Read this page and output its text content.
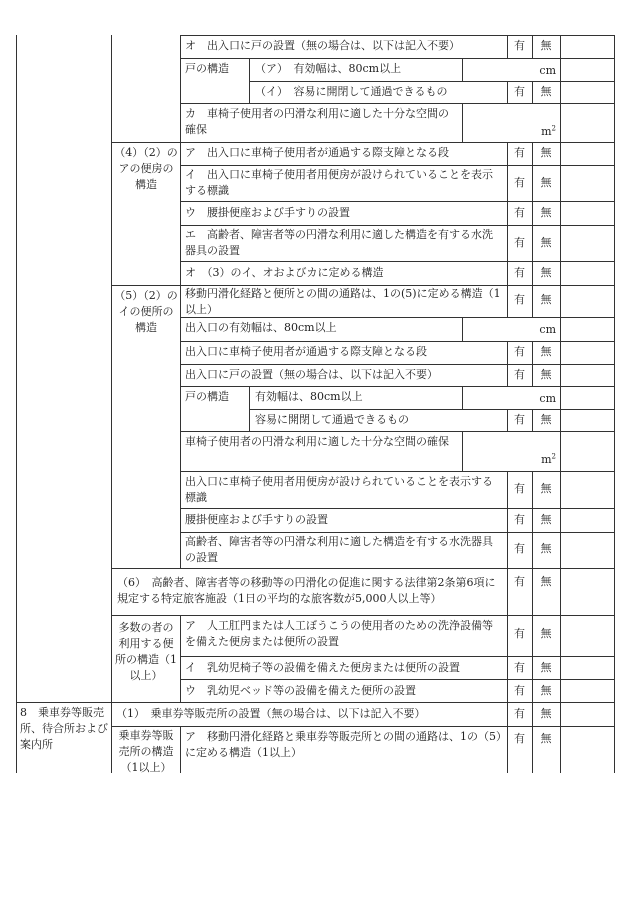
オ　出入口に戸の設置（無の場合は、以下は記入不要）	有	無
戸の構造 （ア）　有効幅は、80cm以上	cm
（イ）　容易に開閉して通過できるもの	有	無
カ　車椅子使用者の円滑な利用に適した十分な空間の確保	$m^2$
（4）（2）のアの便房の構造
ア　出入口に車椅子使用者が通過する際支障となる段	有	無
イ　出入口に車椅子使用者用便房が設けられていることを表示する標識
有	無
ウ　腰掛便座および手すりの設置	有	無
エ　高齢者、障害者等の円滑な利用に適した構造を有する水洗器具の設置
有	無
オ　（3）のイ、オおよびカに定める構造	有	無
（5）（2）のイの便所の構造
移動円滑化経路と便所との間の通路は、1の(5)に定める構造（1以上）
有	無
出入口の有効幅は、80cm以上	cm
出入口に車椅子使用者が通過する際支障となる段	有	無
出入口に戸の設置（無の場合は、以下は記入不要）	有	無
戸の構造 有効幅は、80cm以上	cm
容易に開閉して通過できるもの	有	無
車椅子使用者の円滑な利用に適した十分な空間の確保
$m^2$
出入口に車椅子使用者用便房が設けられていることを表示する標識
有	無
腰掛便座および手すりの設置	有	無
高齢者、障害者等の円滑な利用に適した構造を有する水洗器具の設置
有	無
（6）　高齢者、障害者等の移動等の円滑化の促進に関する法律第2条第6項に規定する特定旅客施設（1日の平均的な旅客数が5,000人以上等）
有	無
多数の者の利用する便所の構造（1以上）
ア　人工肛門または人工ぼうこうの使用者のための洗浄設備等を備えた便房または便所の設置
有	無
イ　乳幼児椅子等の設備を備えた便房または便所の設置	有	無
ウ　乳幼児ベッド等の設備を備えた便所の設置	有	無
8　乗車券等販売所、待合所および案内所
（1）　乗車券等販売所の設置（無の場合は、以下は記入不要）	有	無
乗車券等販売所の構造（1以上）
ア　移動円滑化経路と乗車券等販売所との間の通路は、1の（5）に定める構造（1以上）
有	無
